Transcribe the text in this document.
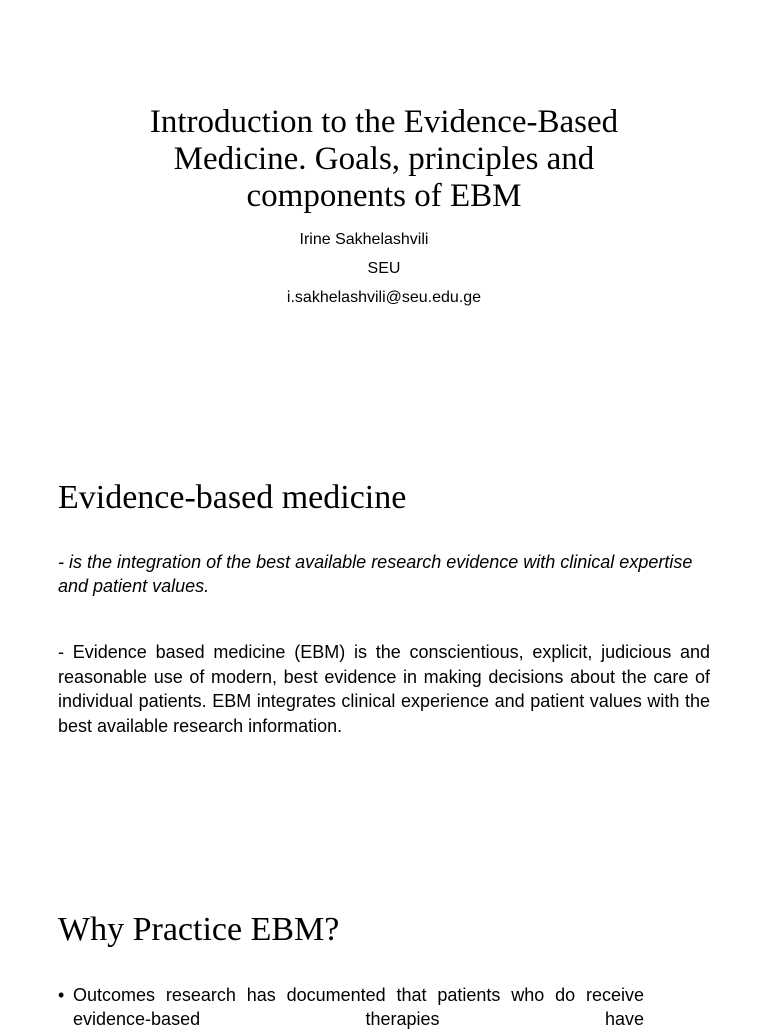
Introduction to the Evidence-Based Medicine. Goals, principles and components of EBM

Irine Sakhelashvili

SEU

i.sakhelashvili@seu.edu.ge

Evidence-based medicine

- is the integration of the best available research evidence with clinical expertise and patient values.

- Evidence based medicine (EBM) is the conscientious, explicit, judicious and reasonable use of modern, best evidence in making decisions about the care of individual patients. EBM integrates clinical experience and patient values with the best available research information.

Why Practice EBM?
• Outcomes research has documented that patients who do receive evidence-based therapies have
